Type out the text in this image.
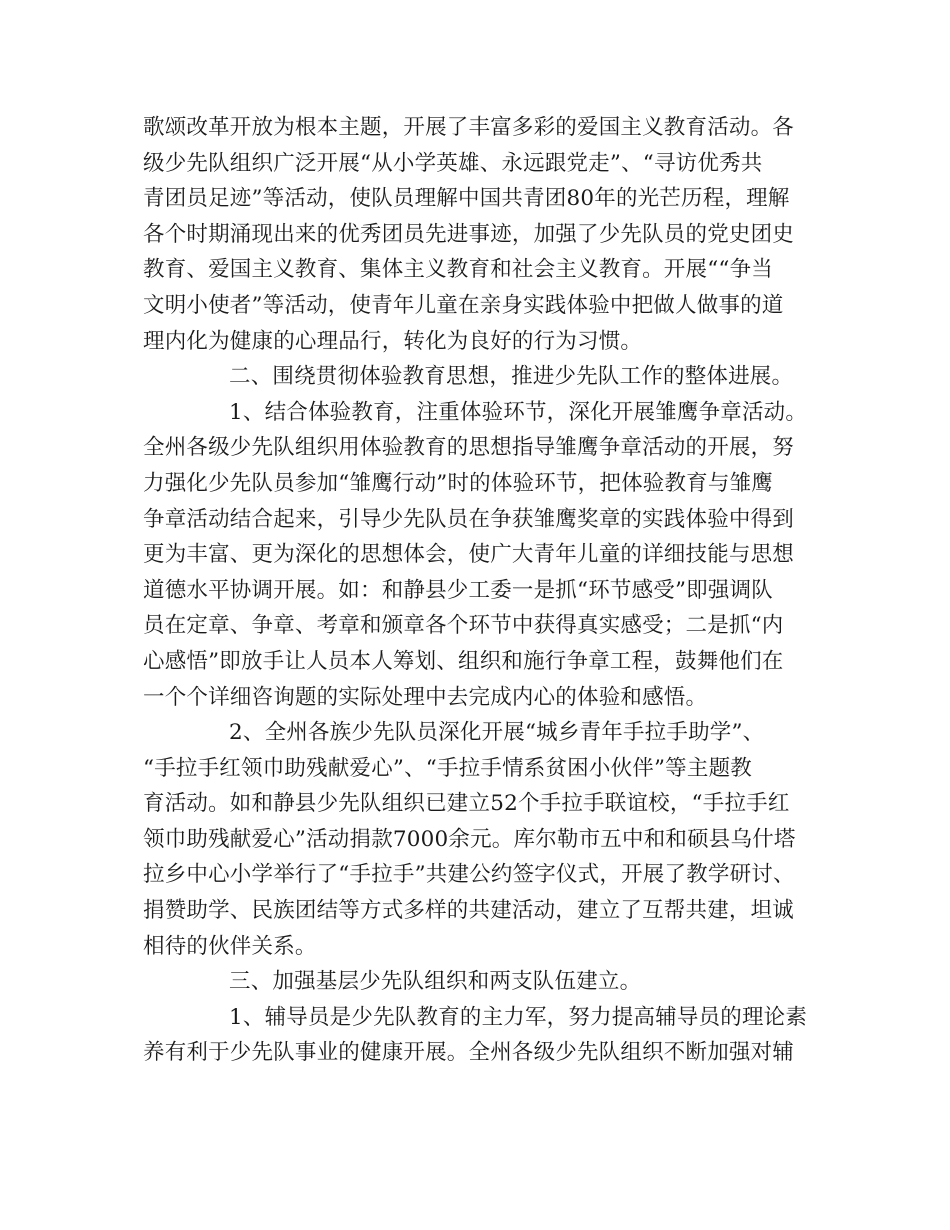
歌颂改革开放为根本主题，开展了丰富多彩的爱国主义教育活动。各
级少先队组织广泛开展“从小学英雄、永远跟党走”、“寻访优秀共
青团员足迹”等活动，使队员理解中国共青团80年的光芒历程，理解
各个时期涌现出来的优秀团员先进事迹，加强了少先队员的党史团史
教育、爱国主义教育、集体主义教育和社会主义教育。开展““争当
文明小使者”等活动，使青年儿童在亲身实践体验中把做人做事的道
理内化为健康的心理品行，转化为良好的行为习惯。
二、围绕贯彻体验教育思想，推进少先队工作的整体进展。
1、结合体验教育，注重体验环节，深化开展雏鹰争章活动。
全州各级少先队组织用体验教育的思想指导雏鹰争章活动的开展，努
力强化少先队员参加“雏鹰行动”时的体验环节，把体验教育与雏鹰
争章活动结合起来，引导少先队员在争获雏鹰奖章的实践体验中得到
更为丰富、更为深化的思想体会，使广大青年儿童的详细技能与思想
道德水平协调开展。如：和静县少工委一是抓“环节感受”即强调队
员在定章、争章、考章和颁章各个环节中获得真实感受；二是抓“内
心感悟”即放手让人员本人筹划、组织和施行争章工程，鼓舞他们在
一个个详细咨询题的实际处理中去完成内心的体验和感悟。
2、全州各族少先队员深化开展“城乡青年手拉手助学”、
“手拉手红领巾助残献爱心”、“手拉手情系贫困小伙伴”等主题教
育活动。如和静县少先队组织已建立52个手拉手联谊校，“手拉手红
领巾助残献爱心”活动捐款7000余元。库尔勒市五中和和硕县乌什塔
拉乡中心小学举行了“手拉手”共建公约签字仪式，开展了教学研讨、
捐赞助学、民族团结等方式多样的共建活动，建立了互帮共建，坦诚
相待的伙伴关系。
三、加强基层少先队组织和两支队伍建立。
1、辅导员是少先队教育的主力军，努力提高辅导员的理论素
养有利于少先队事业的健康开展。全州各级少先队组织不断加强对辅
